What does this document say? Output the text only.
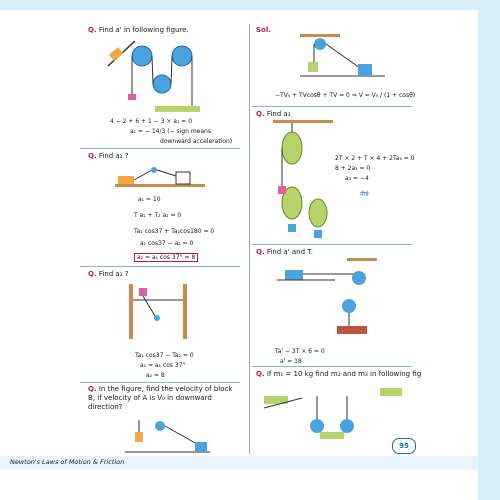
Q. Find a' in following figure.
4 − 2 + 6 + 1 − 3 × a₁ = 0
a₁ = − 14/3 (− sign means
downward acceleration)
Q. Find a₂ ?
a₁ = 10
T a₁ + T₂ a₂ = 0
Ta₁ cos37 + Ta₂cos180 = 0
a₁ cos37 − a₂ = 0
a₂ = a₁ cos 37° = 8
Q. Find a₂ ?
Ta₁ cos37 − Ta₂ = 0
a₂ = a₁ cos 37°
a₂ = 8
Q. In the figure, find the velocity of block B, if velocity of A is V₀ in downward direction?
Sol.
−TV₀ + TVcosθ + TV = 0 ⇒ V = V₀ / (1 + cosθ)
Q. Find a₃
2T × 2 + T × 4 + 2Ta₃ = 0
8 + 2a₃ = 0
a₃ = −4
नीचे
Q. Find a' and T.
Ta' − 3T × 6 = 0
a' = 18
Q. If m₁ = 10 kg find m₂ and m₃ in following fig
Newton's Laws of Motion & Friction
95
